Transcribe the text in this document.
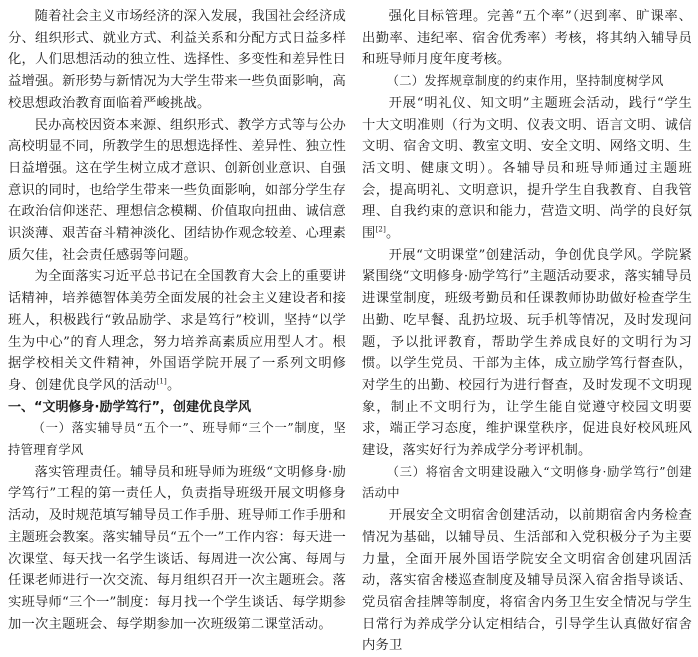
随着社会主义市场经济的深入发展，我国社会经济成分、组织形式、就业方式、利益关系和分配方式日益多样化，人们思想活动的独立性、选择性、多变性和差异性日益增强。新形势与新情况为大学生带来一些负面影响，高校思想政治教育面临着严峻挑战。

民办高校因资本来源、组织形式、教学方式等与公办高校明显不同，所教学生的思想选择性、差异性、独立性日益增强。这在学生树立成才意识、创新创业意识、自强意识的同时，也给学生带来一些负面影响，如部分学生存在政治信仰迷茫、理想信念模糊、价值取向扭曲、诚信意识淡薄、艰苦奋斗精神淡化、团结协作观念较差、心理素质欠佳，社会责任感弱等问题。

为全面落实习近平总书记在全国教育大会上的重要讲话精神，培养德智体美劳全面发展的社会主义建设者和接班人，积极践行“敦品励学、求是笃行”校训，坚持“以学生为中心”的育人理念，努力培养高素质应用型人才。根据学校相关文件精神，外国语学院开展了一系列文明修身、创建优良学风的活动[1]。

一、“文明修身·励学笃行”，创建优良学风
（一）落实辅导员“五个一”、班导师“三个一”制度，坚持管理育学风

落实管理责任。辅导员和班导师为班级“文明修身·励学笃行”工程的第一责任人，负责指导班级开展文明修身活动，及时规范填写辅导员工作手册、班导师工作手册和主题班会教案。落实辅导员“五个一”工作内容：每天进一次课堂、每天找一名学生谈话、每周进一次公寓、每周与任课老师进行一次交流、每月组织召开一次主题班会。落实班导师“三个一”制度：每月找一个学生谈话、每学期参加一次主题班会、每学期参加一次班级第二课堂活动。

强化目标管理。完善“五个率”（迟到率、旷课率、出勤率、违纪率、宿舍优秀率）考核，将其纳入辅导员和班导师月度年度考核。

（二）发挥规章制度的约束作用，坚持制度树学风

开展“明礼仪、知文明”主题班会活动，践行“学生十大文明准则（行为文明、仪表文明、语言文明、诚信文明、宿舍文明、教室文明、安全文明、网络文明、生活文明、健康文明）。各辅导员和班导师通过主题班会，提高明礼、文明意识，提升学生自我教育、自我管理、自我约束的意识和能力，营造文明、尚学的良好氛围[2]。

开展“文明课堂”创建活动，争创优良学风。学院紧紧围绕“文明修身·励学笃行”主题活动要求，落实辅导员进课堂制度，班级考勤员和任课教师协助做好检查学生出勤、吃早餐、乱扔垃圾、玩手机等情况，及时发现问题，予以批评教育，帮助学生养成良好的文明行为习惯。以学生党员、干部为主体，成立励学笃行督查队，对学生的出勤、校园行为进行督查，及时发现不文明现象，制止不文明行为，让学生能自觉遵守校园文明要求，端正学习态度，维护课堂秩序，促进良好校风班风建设，落实好行为养成学分考评机制。

（三）将宿舍文明建设融入“文明修身·励学笃行”创建活动中

开展安全文明宿舍创建活动，以前期宿舍内务检查情况为基础，以辅导员、生活部和入党积极分子为主要力量，全面开展外国语学院安全文明宿舍创建巩固活动，落实宿舍楼巡查制度及辅导员深入宿舍指导谈话、党员宿舍挂牌等制度，将宿舍内务卫生安全情况与学生日常行为养成学分认定相结合，引导学生认真做好宿舍内务卫
